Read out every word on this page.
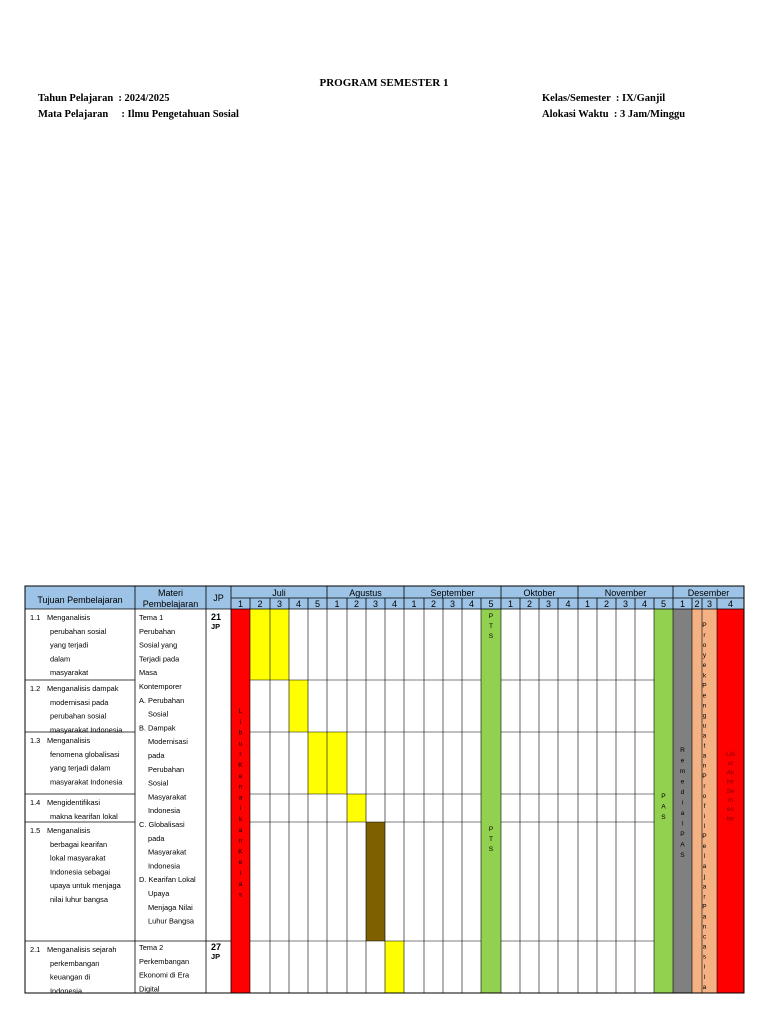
PROGRAM SEMESTER 1
Tahun Pelajaran : 2024/2025
Mata Pelajaran : Ilmu Pengetahuan Sosial
Kelas/Semester : IX/Ganjil
Alokasi Waktu : 3 Jam/Minggu
Tujuan Pembelajaran
Materi
Pembelajaran
JP	Juli
1 2 3 4 5
Agustus
1 2 3 4
September
1 2 3 4 5
Oktober
1 2 3 4
November
1 2 3 4 5
Desember
1 2 3 4
1.1 Menganalisis
perubahan sosial
yang terjadi
dalam
masyarakat
1.2 Menganalisis dampak
modernisasi pada
perubahan sosial
masyarakat Indonesia
1.3 Menganalisis
fenomena globalisasi
yang terjadi dalam
masyarakat Indonesia
1.4 Mengidentifikasi
makna kearifan lokal
1.5 Menganalisis
berbagai kearifan
lokal masyarakat
Indonesia sebagai
upaya untuk menjaga
nilai luhur bangsa
2.1 Menganalisis sejarah
perkembangan
keuangan di
Indonesia
Tema 1
Perubahan
Sosial yang
Terjadi pada
Masa
Kontemporer
A. Perubahan
Sosial
B. Dampak
Modernisasi
pada
Perubahan
Sosial
Masyarakat
Indonesia
C. Globalisasi
pada
Masyarakat
Indonesia
D. Kearifan Lokal
Upaya
Menjaga Nilai
Luhur Bangsa
Tema 2
Perkembangan
Ekonomi di Era
Digital
21
JP
27
JP
L
i
b
u
r
K
e
n
a
i
k
a
n
K
e
l
a
s
P
T
S
P
T
S
P
A
S
R
e
m
e
d
i
a
l
P
A
S
P
r
o
y
e
k
P
e
n
g
u
a
t
a
n
P
r
o
f
i
l
P
e
l
a
j
a
r
P
a
n
c
a
s
i
l
a
Lib
ur
Ak
hir
Se
m
es
ter
